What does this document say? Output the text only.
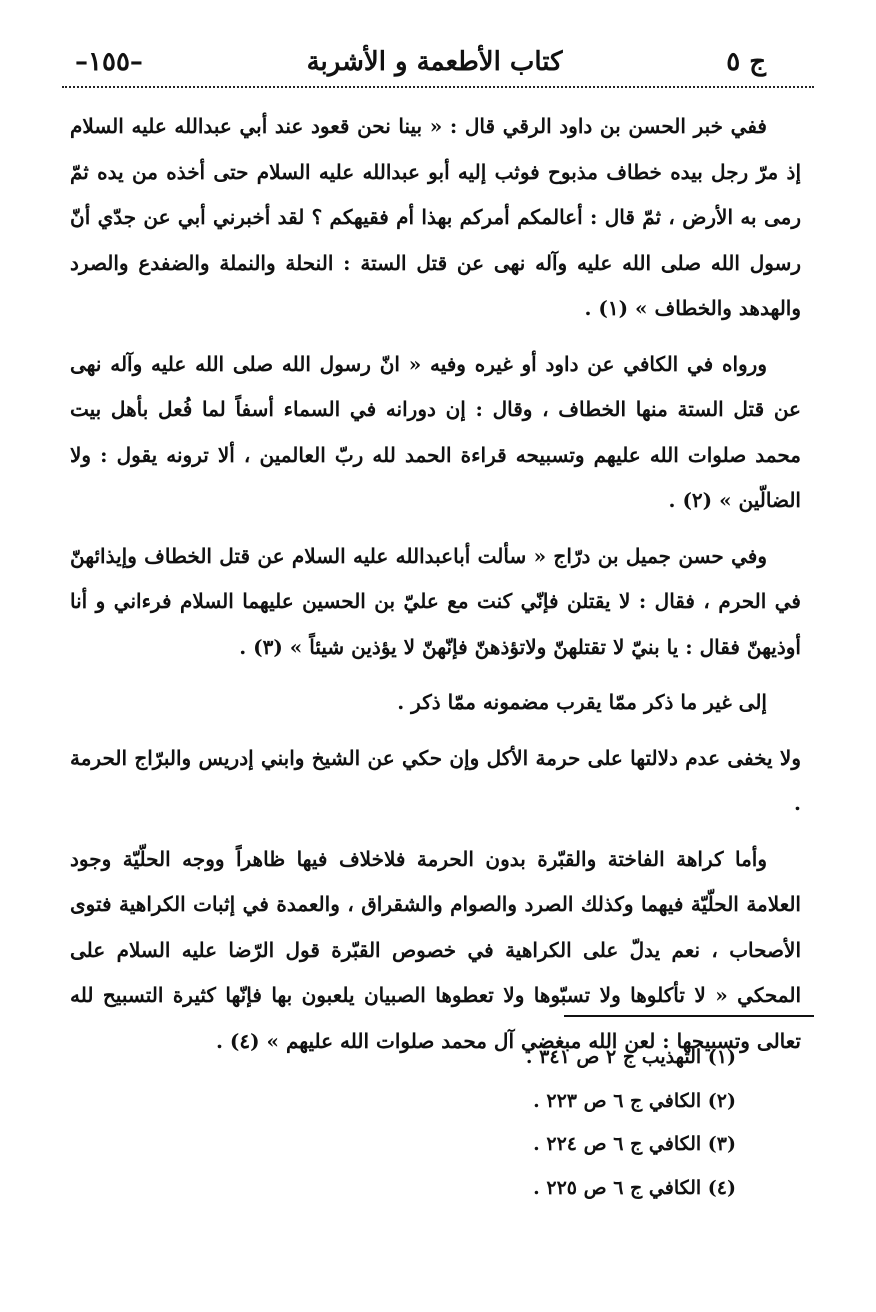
ج ٥
كتاب الأطعمة و الأشربة
–١٥٥–

ففي خبر الحسن بن داود الرقي قال : « بينا نحن قعود عند أبي عبدالله عليه السلام إذ مرّ رجل بيده خطاف مذبوح فوثب إليه أبو عبدالله عليه السلام حتى أخذه من يده ثمّ رمى به الأرض ، ثمّ قال : أعالمكم أمركم بهذا أم فقيهكم ؟ لقد أخبرني أبي عن جدّي أنّ رسول الله صلى الله عليه وآله نهى عن قتل الستة : النحلة والنملة والضفدع والصرد والهدهد والخطاف » (١) .

ورواه في الكافي عن داود أو غيره وفيه « انّ رسول الله صلى الله عليه وآله نهى عن قتل الستة منها الخطاف ، وقال : إن دورانه في السماء أسفاً لما فُعل بأهل بيت محمد صلوات الله عليهم وتسبيحه قراءة الحمد لله ربّ العالمين ، ألا ترونه يقول : ولا الضالّين » (٢) .

وفي حسن جميل بن درّاج « سألت أباعبدالله عليه السلام عن قتل الخطاف وإيذائهنّ في الحرم ، فقال : لا يقتلن فإنّي كنت مع عليّ بن الحسين عليهما السلام فرءاني و أنا أوذيهنّ فقال : يا بنيّ لا تقتلهنّ ولاتؤذهنّ فإنّهنّ لا يؤذين شيئاً » (٣) .

إلى غير ما ذكر ممّا يقرب مضمونه ممّا ذكر .

ولا يخفى عدم دلالتها على حرمة الأكل وإن حكي عن الشيخ وابني إدريس والبرّاج الحرمة .

وأما كراهة الفاختة والقبّرة بدون الحرمة فلاخلاف فيها ظاهراً ووجه الحلّيّة وجود العلامة الحلّيّة فيهما وكذلك الصرد والصوام والشقراق ، والعمدة في إثبات الكراهية فتوى الأصحاب ، نعم يدلّ على الكراهية في خصوص القبّرة قول الرّضا عليه السلام على المحكي « لا تأكلوها ولا تسبّوها ولا تعطوها الصبيان يلعبون بها فإنّها كثيرة التسبيح لله تعالى وتسبيحها : لعن الله مبغضي آل محمد صلوات الله عليهم » (٤) .

(١) التهذيب ج ٢ ص ٣٤١ .
(٢) الكافي ج ٦ ص ٢٢٣ .
(٣) الكافي ج ٦ ص ٢٢٤ .
(٤) الكافي ج ٦ ص ٢٢٥ .
